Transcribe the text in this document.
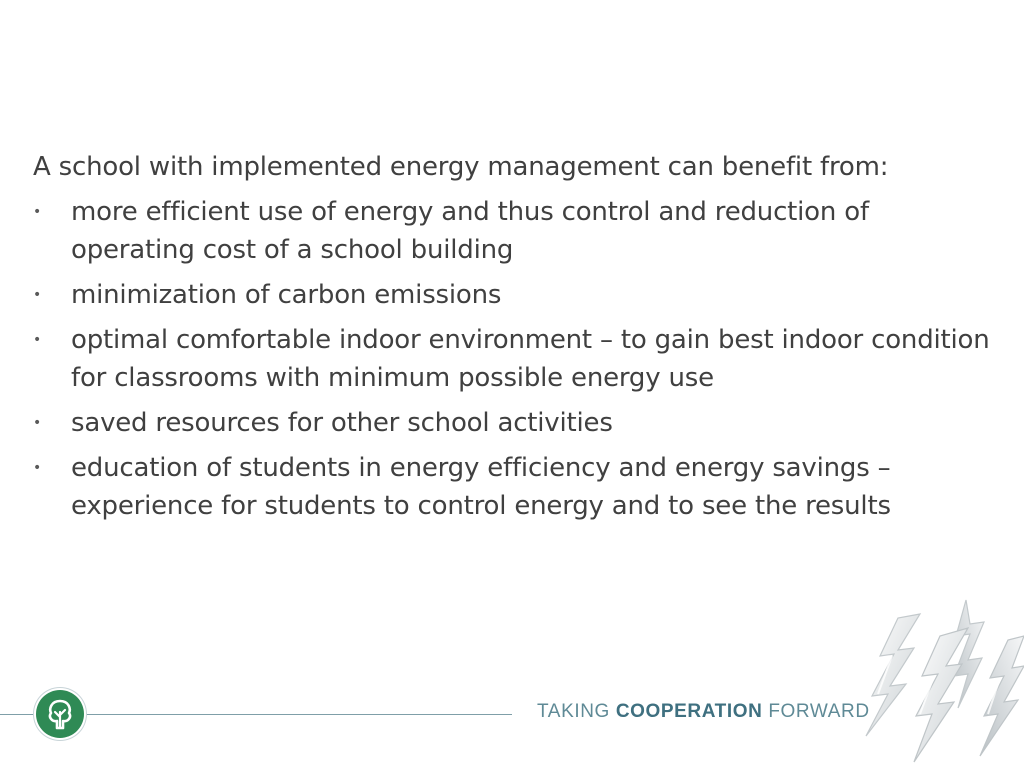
A school with implemented energy management can benefit from:

• more efficient use of energy and thus control and reduction of operating cost of a school building
• minimization of carbon emissions
• optimal comfortable indoor environment – to gain best indoor condition for classrooms with minimum possible energy use
• saved resources for other school activities
• education of students in energy efficiency and energy savings – experience for students to control energy and to see the results
TAKING COOPERATION FORWARD
